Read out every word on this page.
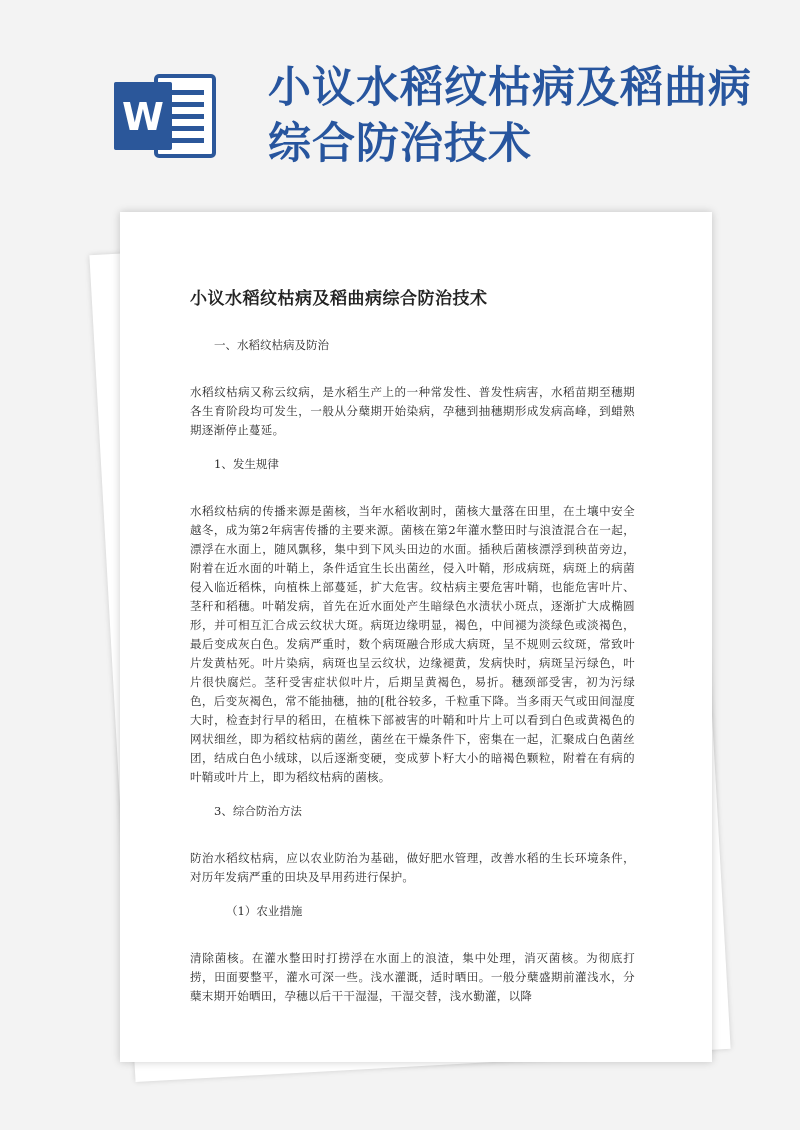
W
小议水稻纹枯病及稻曲病综合防治技术
小议水稻纹枯病及稻曲病综合防治技术
一、水稻纹枯病及防治

水稻纹枯病又称云纹病，是水稻生产上的一种常发性、普发性病害，水稻苗期至穗期各生育阶段均可发生，一般从分蘖期开始染病，孕穗到抽穗期形成发病高峰，到蜡熟期逐渐停止蔓延。

1、发生规律

水稻纹枯病的传播来源是菌核，当年水稻收割时，菌核大量落在田里，在土壤中安全越冬，成为第2年病害传播的主要来源。菌核在第2年灌水整田时与浪渣混合在一起，漂浮在水面上，随风飘移，集中到下风头田边的水面。插秧后菌核漂浮到秧苗旁边，附着在近水面的叶鞘上，条件适宜生长出菌丝，侵入叶鞘，形成病斑，病斑上的病菌侵入临近稻株，向植株上部蔓延，扩大危害。纹枯病主要危害叶鞘，也能危害叶片、茎秆和稻穗。叶鞘发病，首先在近水面处产生暗绿色水渍状小斑点，逐渐扩大成椭圆形，并可相互汇合成云纹状大斑。病斑边缘明显，褐色，中间褪为淡绿色或淡褐色，最后变成灰白色。发病严重时，数个病斑融合形成大病斑，呈不规则云纹斑，常致叶片发黄枯死。叶片染病，病斑也呈云纹状，边缘褪黄，发病快时，病斑呈污绿色，叶片很快腐烂。茎秆受害症状似叶片，后期呈黄褐色，易折。穗颈部受害，初为污绿色，后变灰褐色，常不能抽穗，抽的[秕谷较多，千粒重下降。当多雨天气或田间湿度大时，检查封行早的稻田，在植株下部被害的叶鞘和叶片上可以看到白色或黄褐色的网状细丝，即为稻纹枯病的菌丝，菌丝在干燥条件下，密集在一起，汇聚成白色菌丝团，结成白色小绒球，以后逐渐变硬，变成萝卜籽大小的暗褐色颗粒，附着在有病的叶鞘或叶片上，即为稻纹枯病的菌核。

3、综合防治方法

防治水稻纹枯病，应以农业防治为基础，做好肥水管理，改善水稻的生长环境条件，对历年发病严重的田块及早用药进行保护。

（1）农业措施

清除菌核。在灌水整田时打捞浮在水面上的浪渣，集中处理，消灭菌核。为彻底打捞，田面要整平，灌水可深一些。浅水灌溉，适时晒田。一般分蘖盛期前灌浅水，分蘖末期开始晒田，孕穗以后干干湿湿，干湿交替，浅水勤灌，以降
